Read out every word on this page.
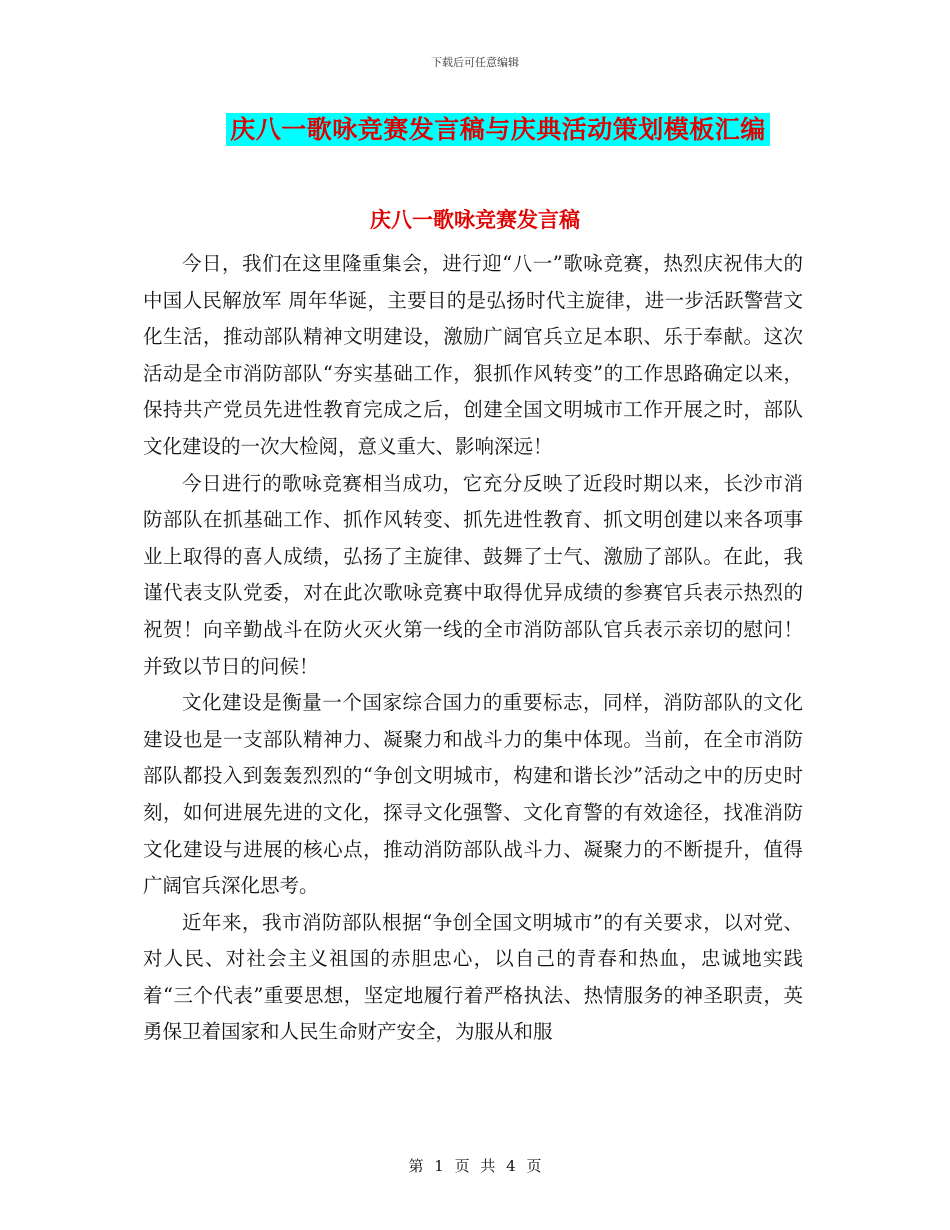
下载后可任意编辑
庆八一歌咏竞赛发言稿与庆典活动策划模板汇编
庆八一歌咏竞赛发言稿

今日，我们在这里隆重集会，进行迎“八一”歌咏竞赛，热烈庆祝伟大的中国人民解放军 周年华诞，主要目的是弘扬时代主旋律，进一步活跃警营文化生活，推动部队精神文明建设，激励广阔官兵立足本职、乐于奉献。这次活动是全市消防部队“夯实基础工作，狠抓作风转变”的工作思路确定以来，保持共产党员先进性教育完成之后，创建全国文明城市工作开展之时，部队文化建设的一次大检阅，意义重大、影响深远！

今日进行的歌咏竞赛相当成功，它充分反映了近段时期以来，长沙市消防部队在抓基础工作、抓作风转变、抓先进性教育、抓文明创建以来各项事业上取得的喜人成绩，弘扬了主旋律、鼓舞了士气、激励了部队。在此，我谨代表支队党委，对在此次歌咏竞赛中取得优异成绩的参赛官兵表示热烈的祝贺！向辛勤战斗在防火灭火第一线的全市消防部队官兵表示亲切的慰问！并致以节日的问候！

文化建设是衡量一个国家综合国力的重要标志，同样，消防部队的文化建设也是一支部队精神力、凝聚力和战斗力的集中体现。当前，在全市消防部队都投入到轰轰烈烈的“争创文明城市，构建和谐长沙”活动之中的历史时刻，如何进展先进的文化，探寻文化强警、文化育警的有效途径，找准消防文化建设与进展的核心点，推动消防部队战斗力、凝聚力的不断提升，值得广阔官兵深化思考。

近年来，我市消防部队根据“争创全国文明城市”的有关要求，以对党、对人民、对社会主义祖国的赤胆忠心，以自己的青春和热血，忠诚地实践着“三个代表”重要思想，坚定地履行着严格执法、热情服务的神圣职责，英勇保卫着国家和人民生命财产安全，为服从和服

第 1 页 共 4 页
